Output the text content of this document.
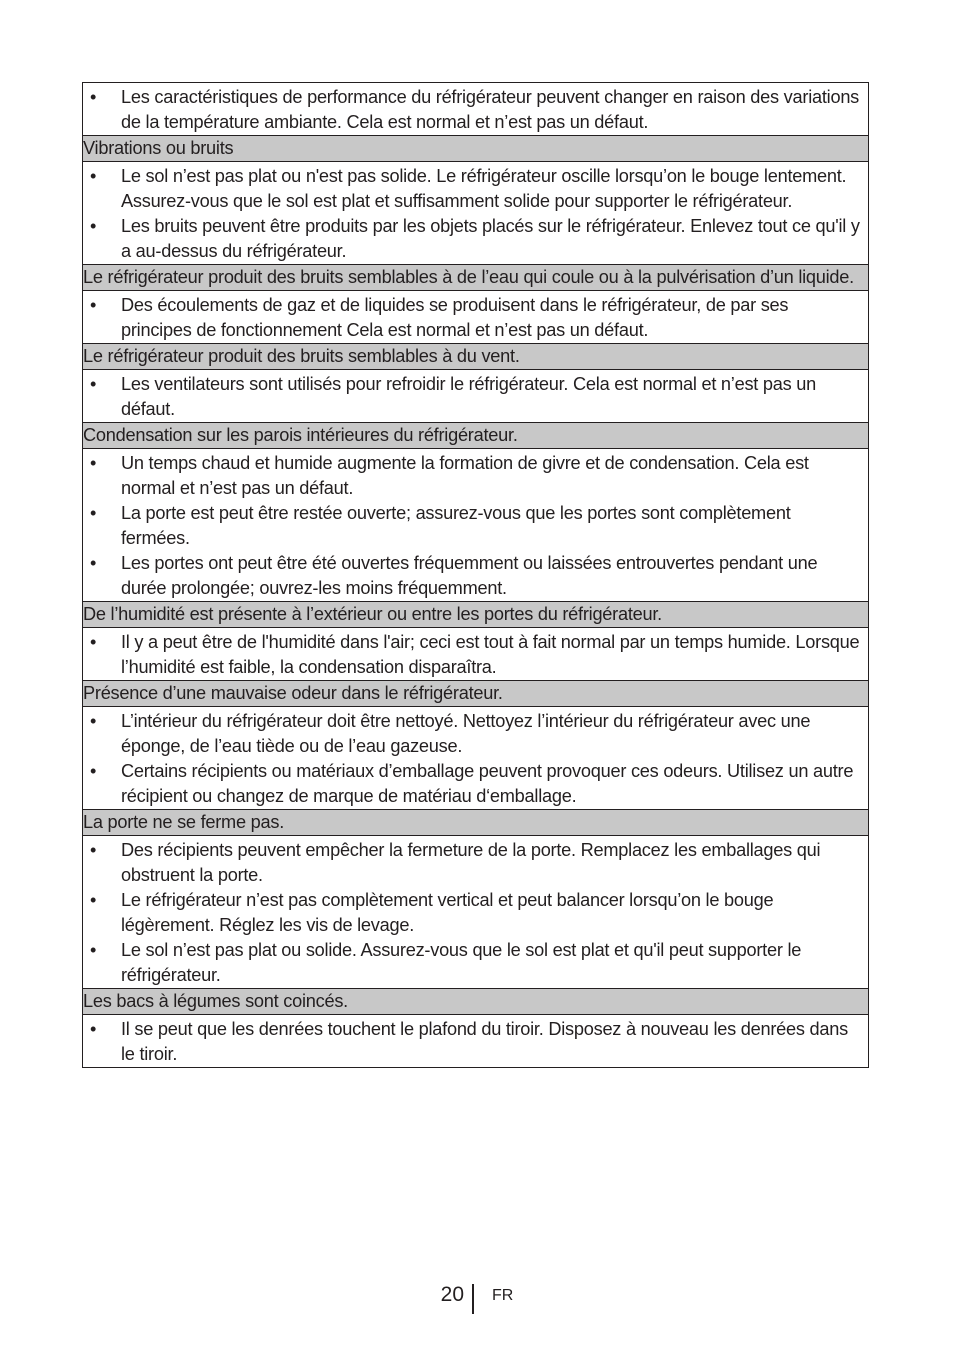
• Les caractéristiques de performance du réfrigérateur peuvent changer en raison des variations de la température ambiante. Cela est normal et n’est pas un défaut.

Vibrations ou bruits

• Le sol n’est pas plat ou n'est pas solide. Le réfrigérateur oscille lorsqu’on le bouge lentement. Assurez-vous que le sol est plat et suffisamment solide pour supporter le réfrigérateur.
• Les bruits peuvent être produits par les objets placés sur le réfrigérateur. Enlevez tout ce qu'il y a au-dessus du réfrigérateur.

Le réfrigérateur produit des bruits semblables à de l’eau qui coule ou à la pulvérisation d’un liquide.

• Des écoulements de gaz et de liquides se produisent dans le réfrigérateur, de par ses principes de fonctionnement Cela est normal et n’est pas un défaut.

Le réfrigérateur produit des bruits semblables à du vent.

• Les ventilateurs sont utilisés pour refroidir le réfrigérateur. Cela est normal et n’est pas un défaut.

Condensation sur les parois intérieures du réfrigérateur.

• Un temps chaud et humide augmente la formation de givre et de condensation. Cela est normal et n’est pas un défaut.
• La porte est peut être restée ouverte; assurez-vous que les portes sont complètement fermées.
• Les portes ont peut être été ouvertes fréquemment ou laissées entrouvertes pendant une durée prolongée; ouvrez-les moins fréquemment.

De l’humidité est présente à l’extérieur ou entre les portes du réfrigérateur.

• Il y a peut être de l'humidité dans l'air; ceci est tout à fait normal par un temps humide. Lorsque l’humidité est faible, la condensation disparaîtra.

Présence d’une mauvaise odeur dans le réfrigérateur.

• L’intérieur du réfrigérateur doit être nettoyé. Nettoyez l’intérieur du réfrigérateur avec une éponge, de l’eau tiède ou de l’eau gazeuse.
• Certains récipients ou matériaux d’emballage peuvent provoquer ces odeurs. Utilisez un autre récipient ou changez de marque de matériau d‘emballage.

La porte ne se ferme pas.

• Des récipients peuvent empêcher la fermeture de la porte. Remplacez les emballages qui obstruent la porte.
• Le réfrigérateur n’est pas complètement vertical et peut balancer lorsqu’on le bouge légèrement. Réglez les vis de levage.
• Le sol n’est pas plat ou solide. Assurez-vous que le sol est plat et qu'il peut supporter le réfrigérateur.

Les bacs à légumes sont coincés.

• Il se peut que les denrées touchent le plafond du tiroir. Disposez à nouveau les denrées dans le tiroir.
20 FR
